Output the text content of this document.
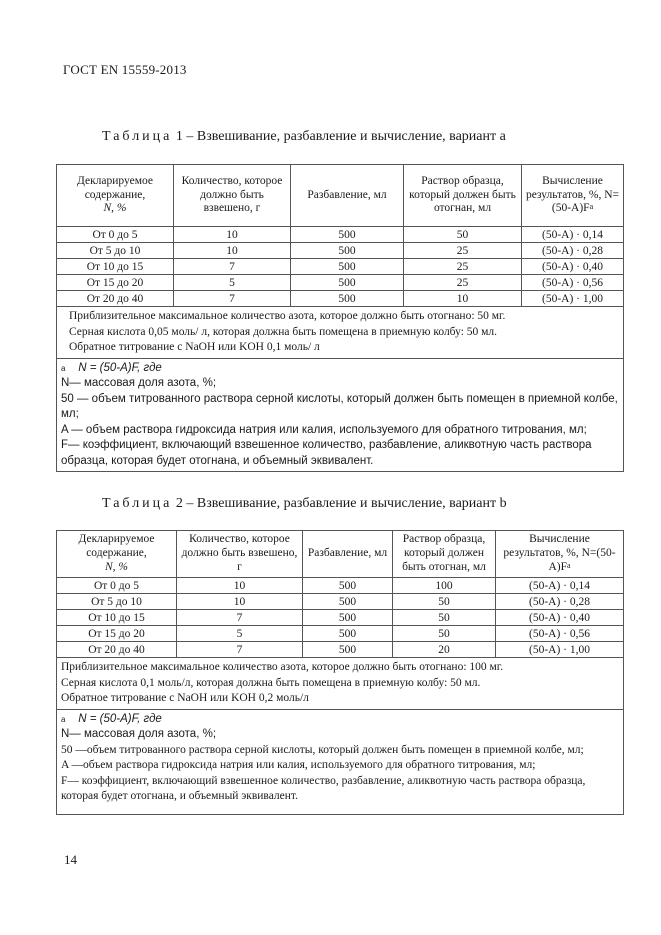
ГОСТ EN 15559-2013
Таблица 1 – Взвешивание, разбавление и вычисление, вариант a
Декларируемое содержание,
N, %	Количество, которое должно быть взвешено, г	Разбавление, мл	Раствор образца, который должен быть отогнан, мл	Вычисление результатов, %, $N=(50-A)F^a$
От 0 до 5	10	500	50	(50-A) · 0,14
От 5 до 10	10	500	25	(50-A) · 0,28
От 10 до 15	7	500	25	(50-A) · 0,40
От 15 до 20	5	500	25	(50-A) · 0,56
От 20 до 40	7	500	10	(50-A) · 1,00

Приблизительное максимальное количество азота, которое должно быть отогнано: 50 мг.
Серная кислота 0,05 моль/ л, которая должна быть помещена в приемную колбу: 50 мл.
Обратное титрование с NaOH или KOH 0,1 моль/ л				

$^a$ N = (50-A)F, где
N— массовая доля азота, %;
50 — объем титрованного раствора серной кислоты, который должен быть помещен в приемной колбе, мл;
A — объем раствора гидроксида натрия или калия, используемого для обратного титрования, мл;
F— коэффициент, включающий взвешенное количество, разбавление, аликвотную часть раствора образца, которая будет отогнана, и объемный эквивалент.				
Таблица 2 – Взвешивание, разбавление и вычисление, вариант b
Декларируемое содержание,
N, %	Количество, которое должно быть взвешено, г	Разбавление, мл	Раствор образца, который должен быть отогнан, мл	Вычисление результатов, %, $N=(50-A)F^a$
От 0 до 5	10	500	100	(50-A) · 0,14
От 5 до 10	10	500	50	(50-A) · 0,28
От 10 до 15	7	500	50	(50-A) · 0,40
От 15 до 20	5	500	50	(50-A) · 0,56
От 20 до 40	7	500	20	(50-A) · 1,00

Приблизительное максимальное количество азота, которое должно быть отогнано: 100 мг.
Серная кислота 0,1 моль/л, которая должна быть помещена в приемную колбу: 50 мл.
Обратное титрование с NaOH или KOH 0,2 моль/л				

$^a$ N = (50-A)F, где
N— массовая доля азота, %;
50 —объем титрованного раствора серной кислоты, который должен быть помещен в приемной колбе, мл;
A —объем раствора гидроксида натрия или калия, используемого для обратного титрования, мл;
F— коэффициент, включающий взвешенное количество, разбавление, аликвотную часть раствора образца, которая будет отогнана, и объемный эквивалент.				
14
